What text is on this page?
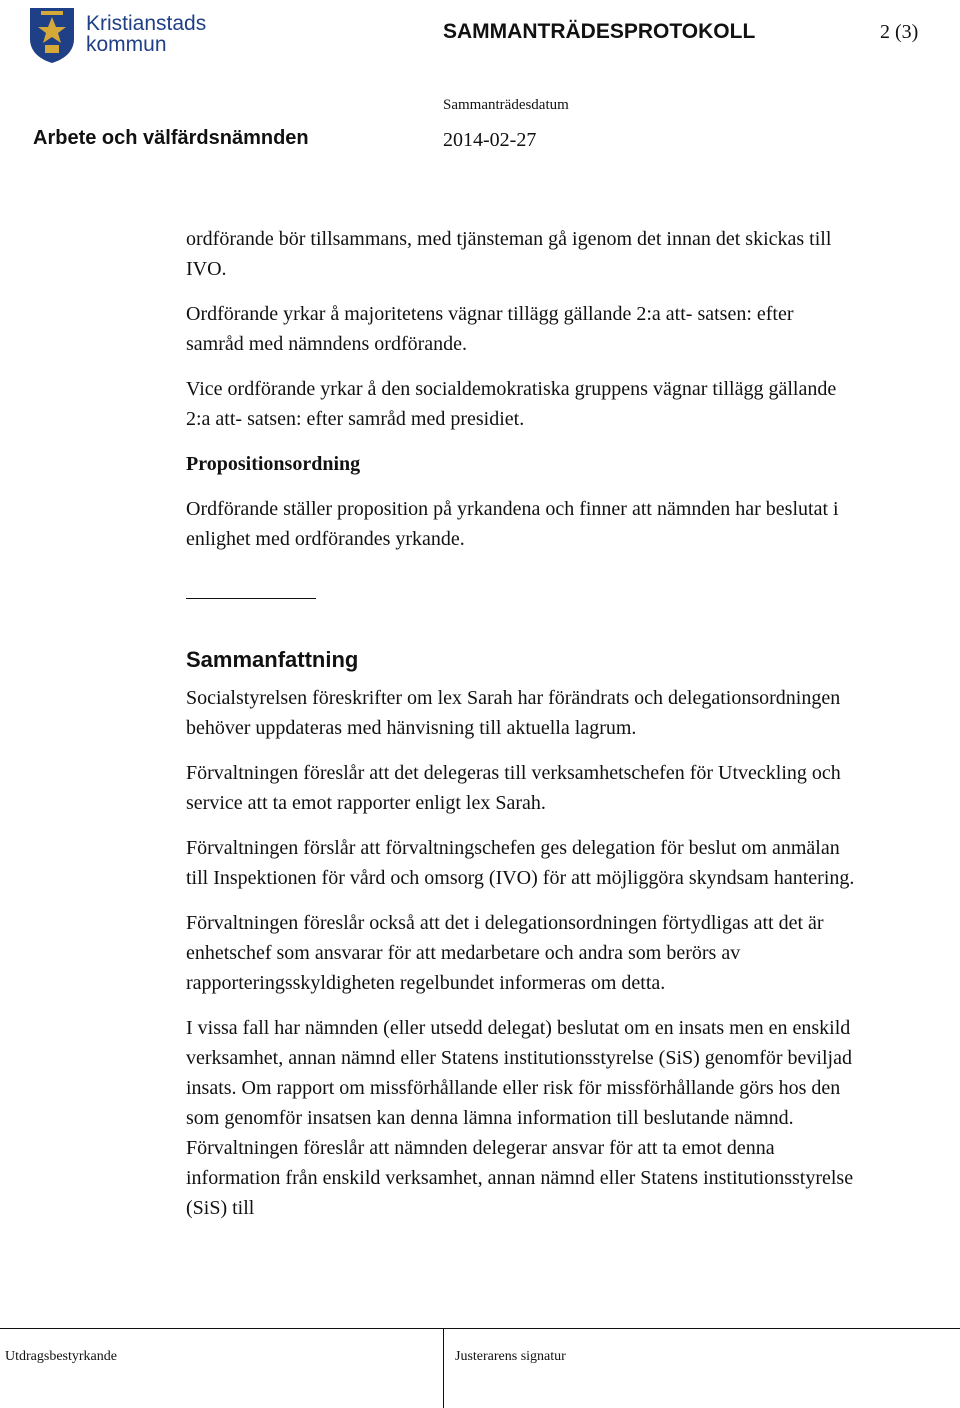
Kristianstads
kommun
SAMMANTRÄDESPROTOKOLL	2 (3)
Sammanträdesdatum
Arbete och välfärdsnämnden	2014-02-27

ordförande bör tillsammans, med tjänsteman gå igenom det innan det skickas till IVO.

Ordförande yrkar å majoritetens vägnar tillägg gällande 2:a att- satsen: efter samråd med nämndens ordförande.

Vice ordförande yrkar å den socialdemokratiska gruppens vägnar tillägg gällande 2:a att- satsen: efter samråd med presidiet.

Propositionsordning

Ordförande ställer proposition på yrkandena och finner att nämnden har beslutat i enlighet med ordförandes yrkande.

Sammanfattning

Socialstyrelsen föreskrifter om lex Sarah har förändrats och delegationsordningen behöver uppdateras med hänvisning till aktuella lagrum.

Förvaltningen föreslår att det delegeras till verksamhetschefen för Utveckling och service att ta emot rapporter enligt lex Sarah.

Förvaltningen förslår att förvaltningschefen ges delegation för beslut om anmälan till Inspektionen för vård och omsorg (IVO) för att möjliggöra skyndsam hantering.

Förvaltningen föreslår också att det i delegationsordningen förtydligas att det är enhetschef som ansvarar för att medarbetare och andra som berörs av rapporteringsskyldigheten regelbundet informeras om detta.

I vissa fall har nämnden (eller utsedd delegat) beslutat om en insats men en enskild verksamhet, annan nämnd eller Statens institutionsstyrelse (SiS) genomför beviljad insats. Om rapport om missförhållande eller risk för missförhållande görs hos den som genomför insatsen kan denna lämna information till beslutande nämnd. Förvaltningen föreslår att nämnden delegerar ansvar för att ta emot denna information från enskild verksamhet, annan nämnd eller Statens institutionsstyrelse (SiS) till

Utdragsbestyrkande	Justerarens signatur
